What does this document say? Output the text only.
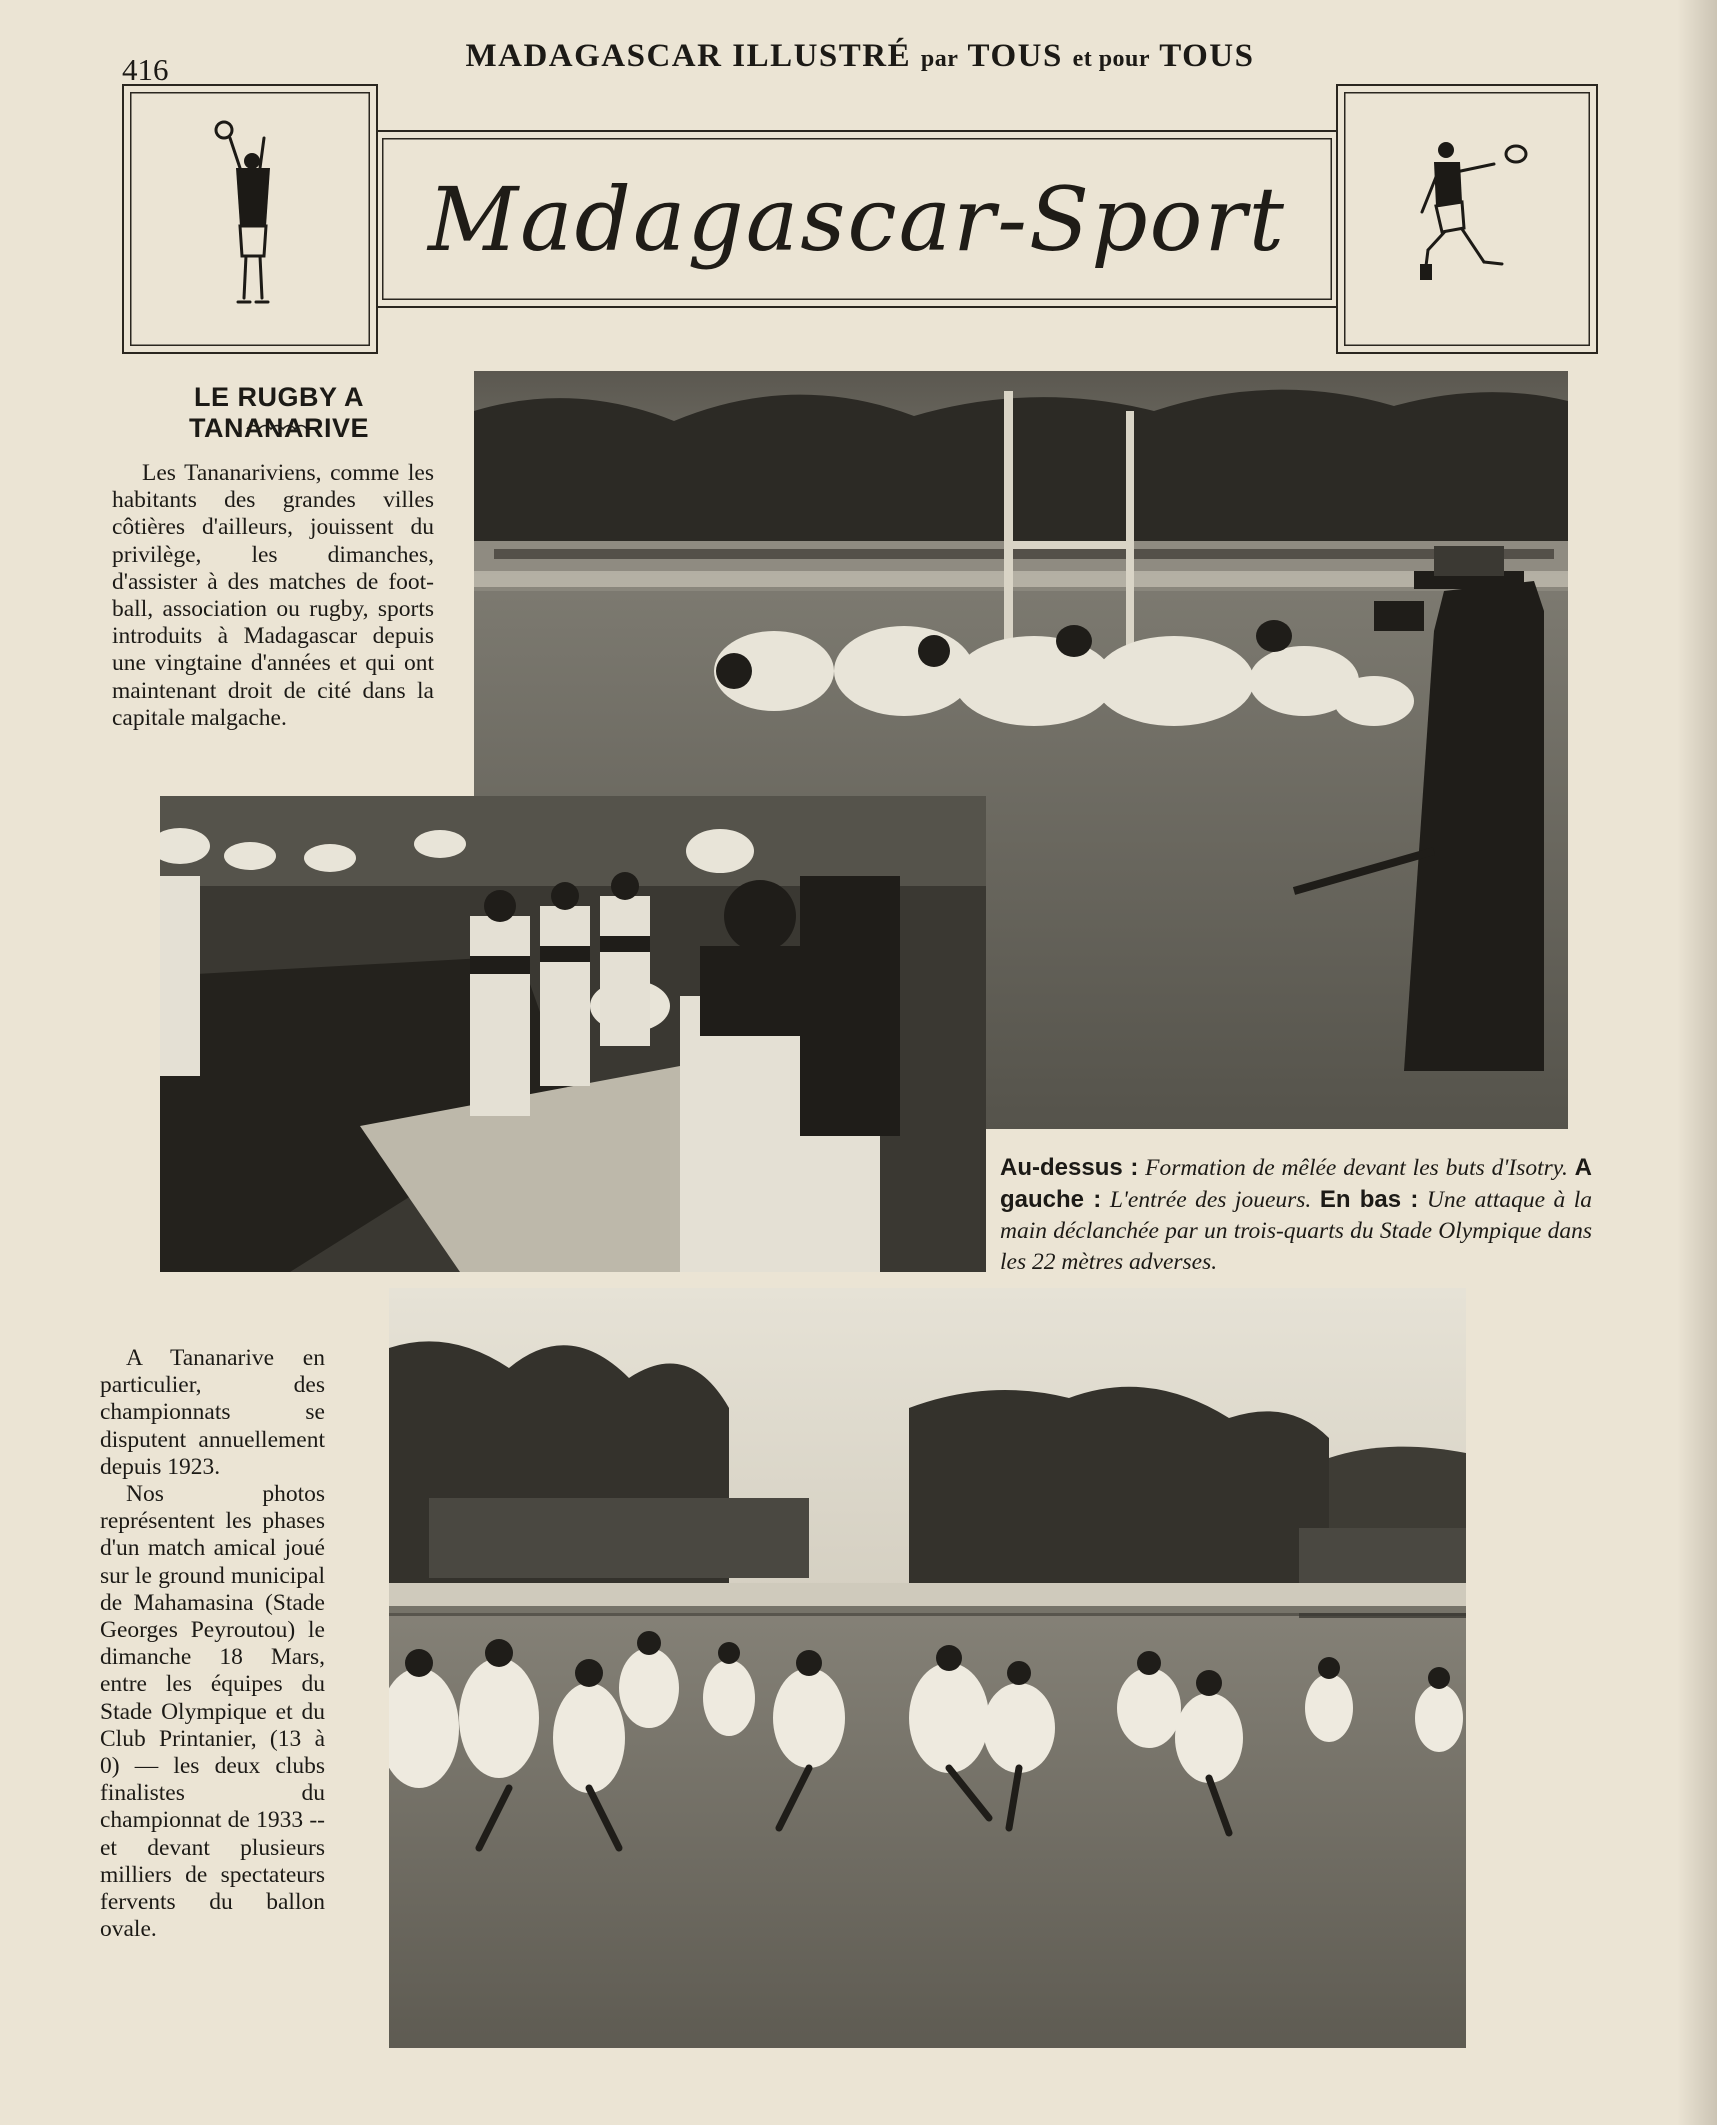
416	MADAGASCAR ILLUSTRÉ par TOUS et pour TOUS
Madagascar-Sport
LE RUGBY A TANANARIVE
Les Tananariviens, comme les habitants des grandes villes côtières d'ailleurs, jouissent du privilège, les dimanches, d'assister à des matches de foot-ball, association ou rugby, sports introduits à Madagascar depuis une vingtaine d'années et qui ont maintenant droit de cité dans la capitale malgache.
Au-dessus : Formation de mêlée devant les buts d'Isotry. A gauche : L'entrée des joueurs. En bas : Une attaque à la main déclanchée par un trois-quarts du Stade Olympique dans les 22 mètres adverses.

A Tananarive en particulier, des championnats se disputent annuellement depuis 1923.

Nos photos représentent les phases d'un match amical joué sur le ground municipal de Mahamasina (Stade Georges Peyroutou) le dimanche 18 Mars, entre les équipes du Stade Olympique et du Club Printanier, (13 à 0) — les deux clubs finalistes du championnat de 1933 -- et devant plusieurs milliers de spectateurs fervents du ballon ovale.
